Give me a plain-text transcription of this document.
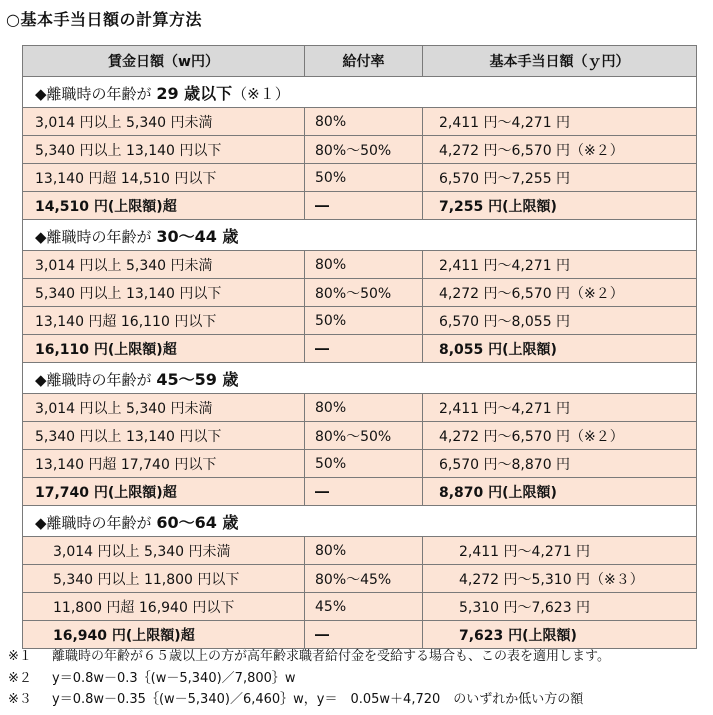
○基本手当日額の計算方法
賃金日額（w円）	給付率	基本手当日額（ｙ円）
◆離職時の年齢が 29 歳以下（※１）		
3,014 円以上 5,340 円未満	80%	2,411 円～4,271 円
5,340 円以上 13,140 円以下	80%～50%	4,272 円～6,570 円（※２）
13,140 円超 14,510 円以下	50%	6,570 円～7,255 円
14,510 円(上限額)超	―	7,255 円(上限額)
◆離職時の年齢が 30～44 歳		
3,014 円以上 5,340 円未満	80%	2,411 円～4,271 円
5,340 円以上 13,140 円以下	80%～50%	4,272 円～6,570 円（※２）
13,140 円超 16,110 円以下	50%	6,570 円～8,055 円
16,110 円(上限額)超	―	8,055 円(上限額)
◆離職時の年齢が 45～59 歳		
3,014 円以上 5,340 円未満	80%	2,411 円～4,271 円
5,340 円以上 13,140 円以下	80%～50%	4,272 円～6,570 円（※２）
13,140 円超 17,740 円以下	50%	6,570 円～8,870 円
17,740 円(上限額)超	―	8,870 円(上限額)
◆離職時の年齢が 60～64 歳		
3,014 円以上 5,340 円未満	80%	2,411 円～4,271 円
5,340 円以上 11,800 円以下	80%～45%	4,272 円～5,310 円（※３）
11,800 円超 16,940 円以下	45%	5,310 円～7,623 円
16,940 円(上限額)超	―	7,623 円(上限額)
※１ 離職時の年齢が６５歳以上の方が高年齢求職者給付金を受給する場合も、この表を適用します。
※２ y＝0.8w－0.3｛(w－5,340)／7,800｝w
※３ y＝0.8w－0.35｛(w－5,340)／6,460｝w，y＝　0.05w＋4,720　のいずれか低い方の額
